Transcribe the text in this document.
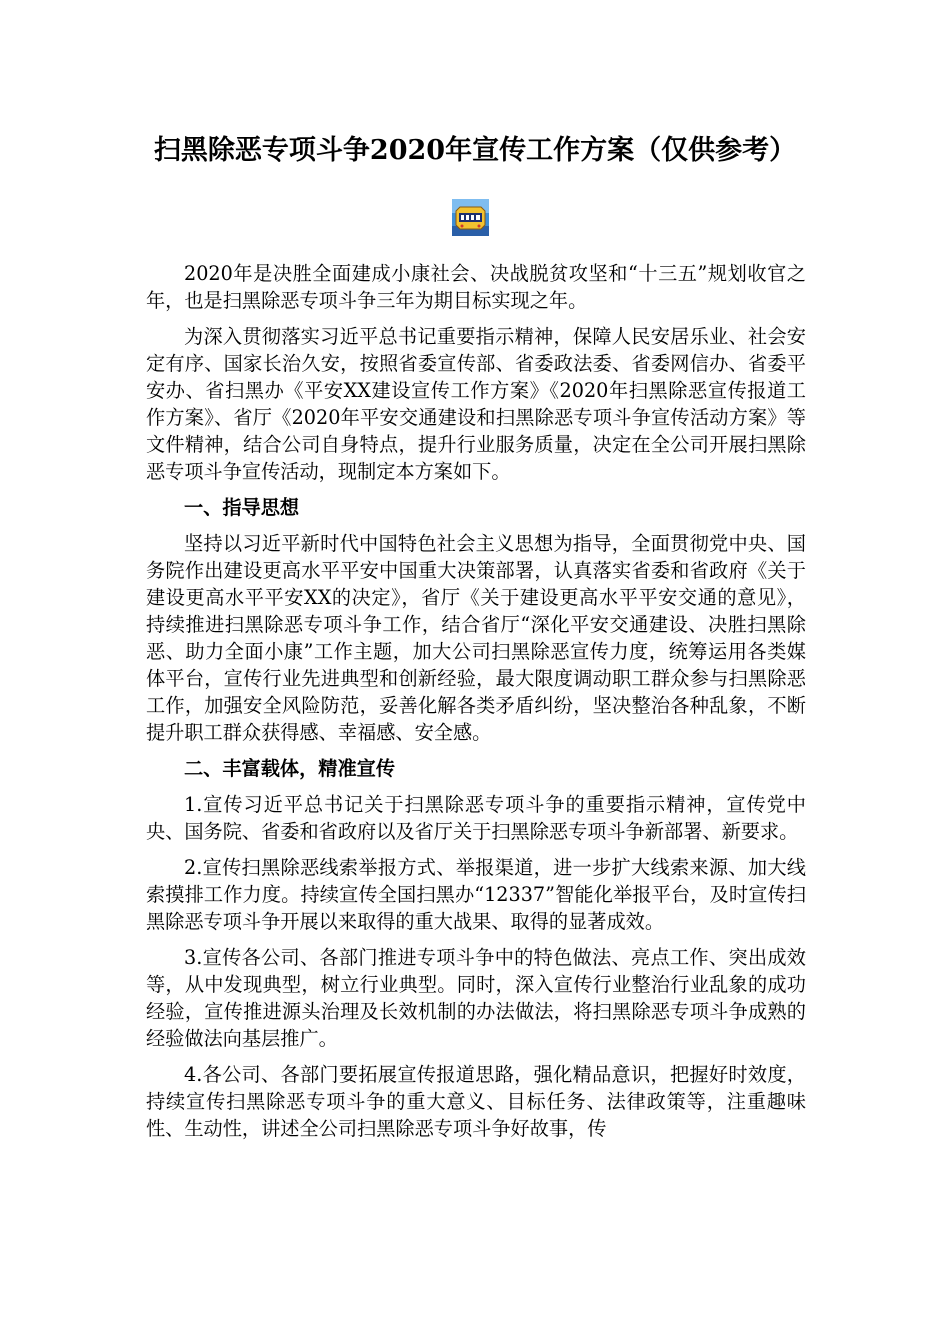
扫黑除恶专项斗争2020年宣传工作方案（仅供参考）

2020年是决胜全面建成小康社会、决战脱贫攻坚和“十三五”规划收官之年，也是扫黑除恶专项斗争三年为期目标实现之年。

为深入贯彻落实习近平总书记重要指示精神，保障人民安居乐业、社会安定有序、国家长治久安，按照省委宣传部、省委政法委、省委网信办、省委平安办、省扫黑办《平安XX建设宣传工作方案》《2020年扫黑除恶宣传报道工作方案》、省厅《2020年平安交通建设和扫黑除恶专项斗争宣传活动方案》等文件精神，结合公司自身特点，提升行业服务质量，决定在全公司开展扫黑除恶专项斗争宣传活动，现制定本方案如下。

一、指导思想

坚持以习近平新时代中国特色社会主义思想为指导，全面贯彻党中央、国务院作出建设更高水平平安中国重大决策部署，认真落实省委和省政府《关于建设更高水平平安XX的决定》，省厅《关于建设更高水平平安交通的意见》，持续推进扫黑除恶专项斗争工作，结合省厅“深化平安交通建设、决胜扫黑除恶、助力全面小康”工作主题，加大公司扫黑除恶宣传力度，统筹运用各类媒体平台，宣传行业先进典型和创新经验，最大限度调动职工群众参与扫黑除恶工作，加强安全风险防范，妥善化解各类矛盾纠纷，坚决整治各种乱象，不断提升职工群众获得感、幸福感、安全感。

二、丰富载体，精准宣传

1.宣传习近平总书记关于扫黑除恶专项斗争的重要指示精神，宣传党中央、国务院、省委和省政府以及省厅关于扫黑除恶专项斗争新部署、新要求。

2.宣传扫黑除恶线索举报方式、举报渠道，进一步扩大线索来源、加大线索摸排工作力度。持续宣传全国扫黑办“12337”智能化举报平台，及时宣传扫黑除恶专项斗争开展以来取得的重大战果、取得的显著成效。

3.宣传各公司、各部门推进专项斗争中的特色做法、亮点工作、突出成效等，从中发现典型，树立行业典型。同时，深入宣传行业整治行业乱象的成功经验，宣传推进源头治理及长效机制的办法做法，将扫黑除恶专项斗争成熟的经验做法向基层推广。

4.各公司、各部门要拓展宣传报道思路，强化精品意识，把握好时效度，持续宣传扫黑除恶专项斗争的重大意义、目标任务、法律政策等，注重趣味性、生动性，讲述全公司扫黑除恶专项斗争好故事，传
